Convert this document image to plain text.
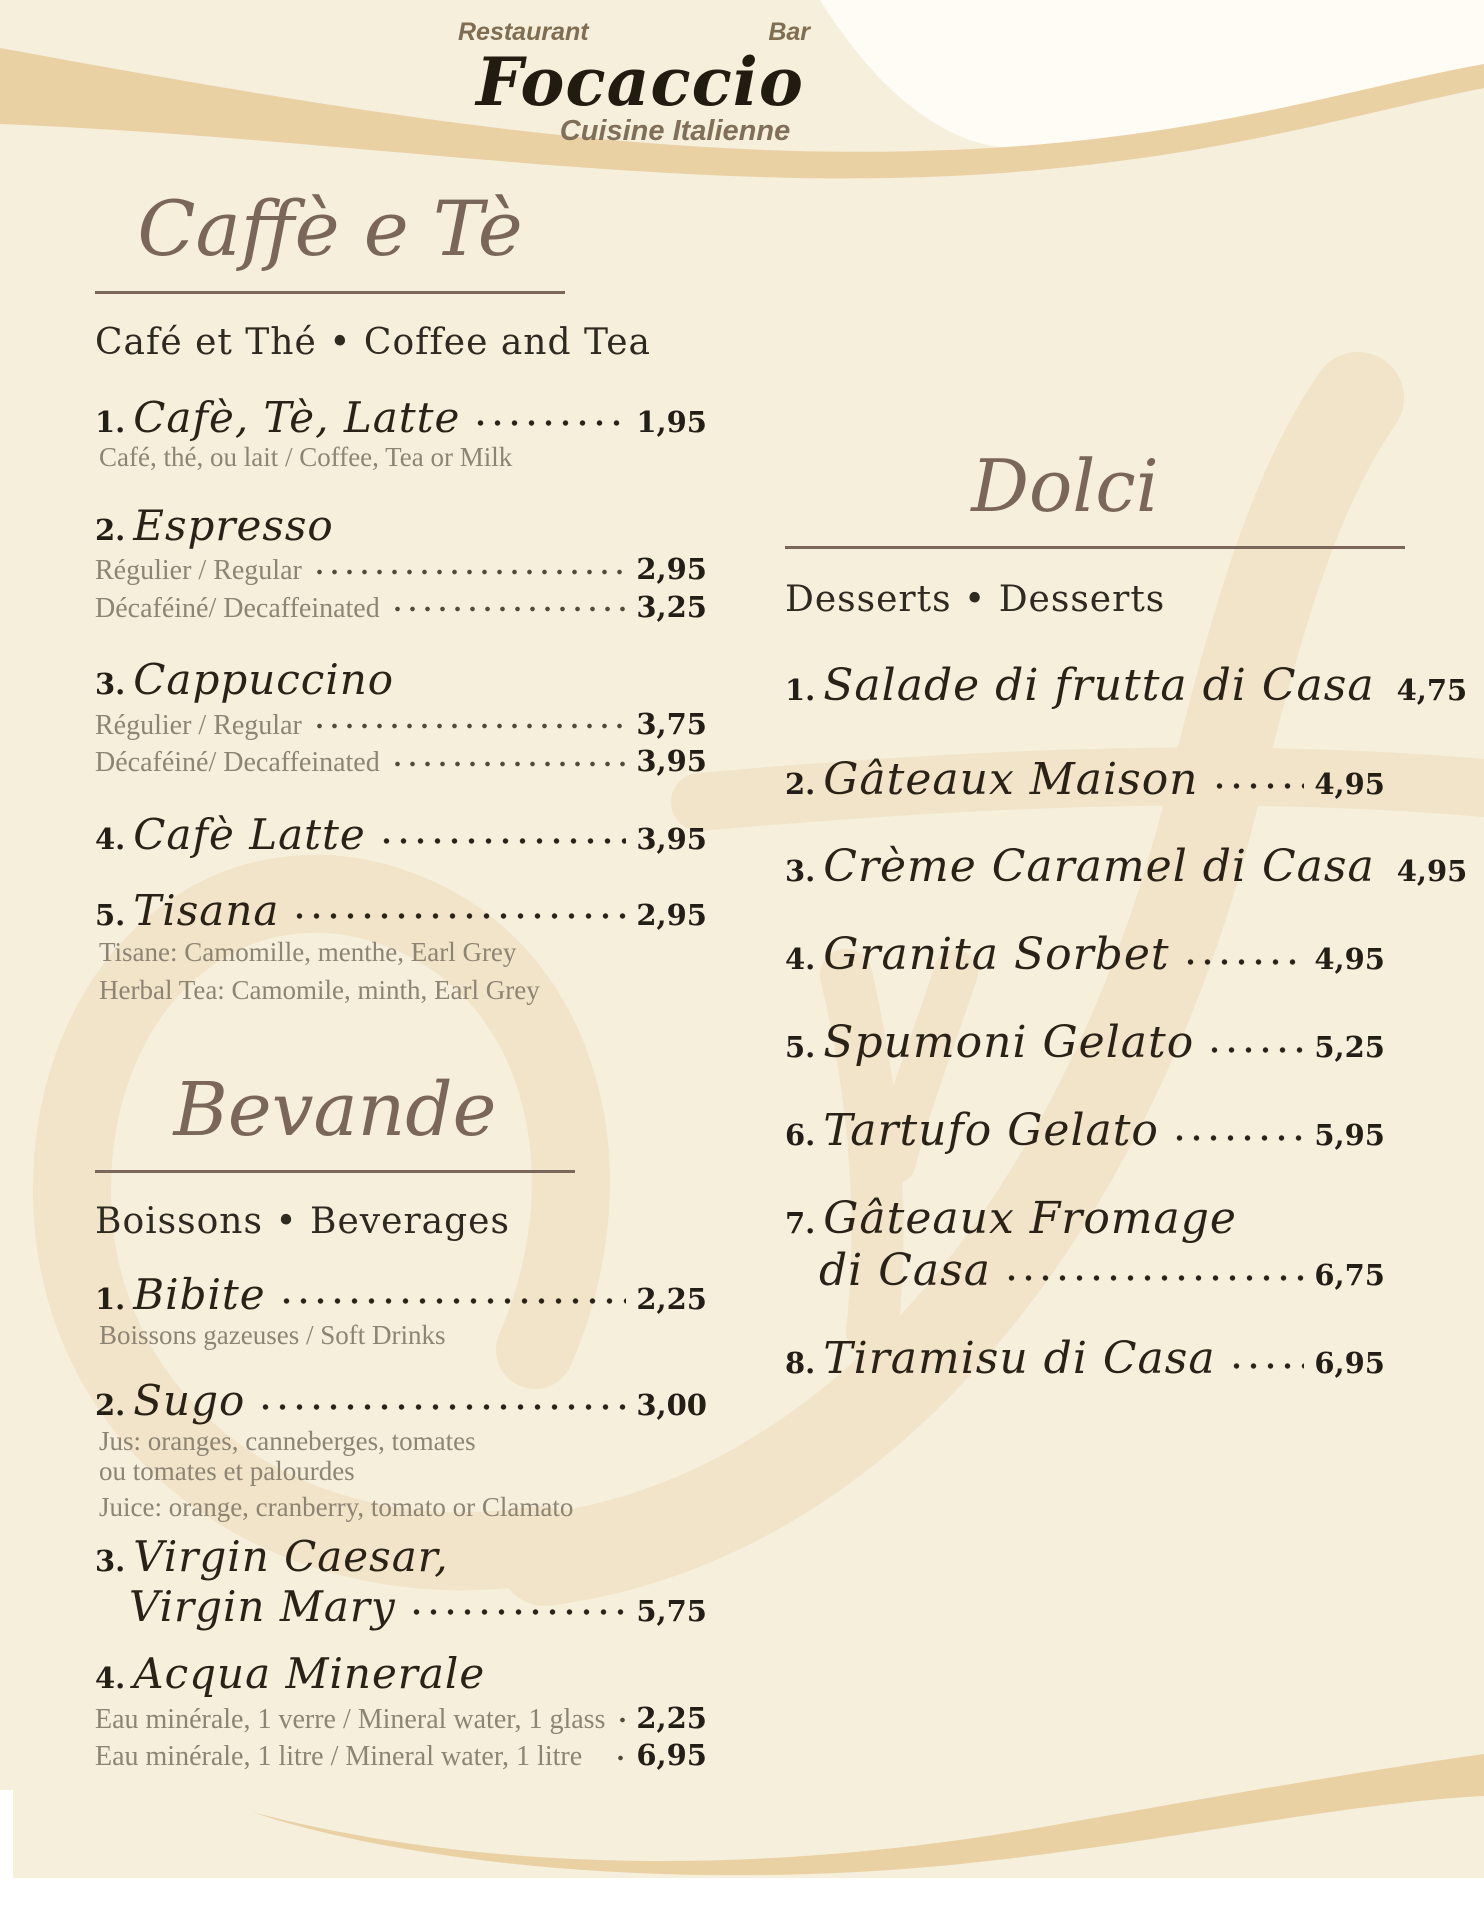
Restaurant	Bar
Focaccio
Cuisine Italienne
Caffè e Tè
Café et Thé • Coffee and Tea
1. Cafè, Tè, Latte	1,95
Café, thé, ou lait / Coffee, Tea or Milk
2. Espresso
Régulier / Regular	2,95
Décaféiné/ Decaffeinated	3,25
3. Cappuccino
Régulier / Regular	3,75
Décaféiné/ Decaffeinated	3,95
4. Cafè Latte	3,95
5. Tisana	2,95
Tisane: Camomille, menthe, Earl Grey
Herbal Tea: Camomile, minth, Earl Grey
Bevande
Boissons • Beverages
1. Bibite	2,25
Boissons gazeuses / Soft Drinks
2. Sugo	3,00
Jus: oranges, canneberges, tomates
ou tomates et palourdes
Juice: orange, cranberry, tomato or Clamato
3. Virgin Caesar,
Virgin Mary	5,75
4. Acqua Minerale
Eau minérale, 1 verre / Mineral water, 1 glass 2,25
Eau minérale, 1 litre / Mineral water, 1 litre 6,95
Dolci
Desserts • Desserts
1. Salade di frutta di Casa 4,75
2. Gâteaux Maison	4,95
3. Crème Caramel di Casa 4,95
4. Granita Sorbet	4,95
5. Spumoni Gelato	5,25
6. Tartufo Gelato	5,95
7. Gâteaux Fromage
di Casa	6,75
8. Tiramisu di Casa	6,95
